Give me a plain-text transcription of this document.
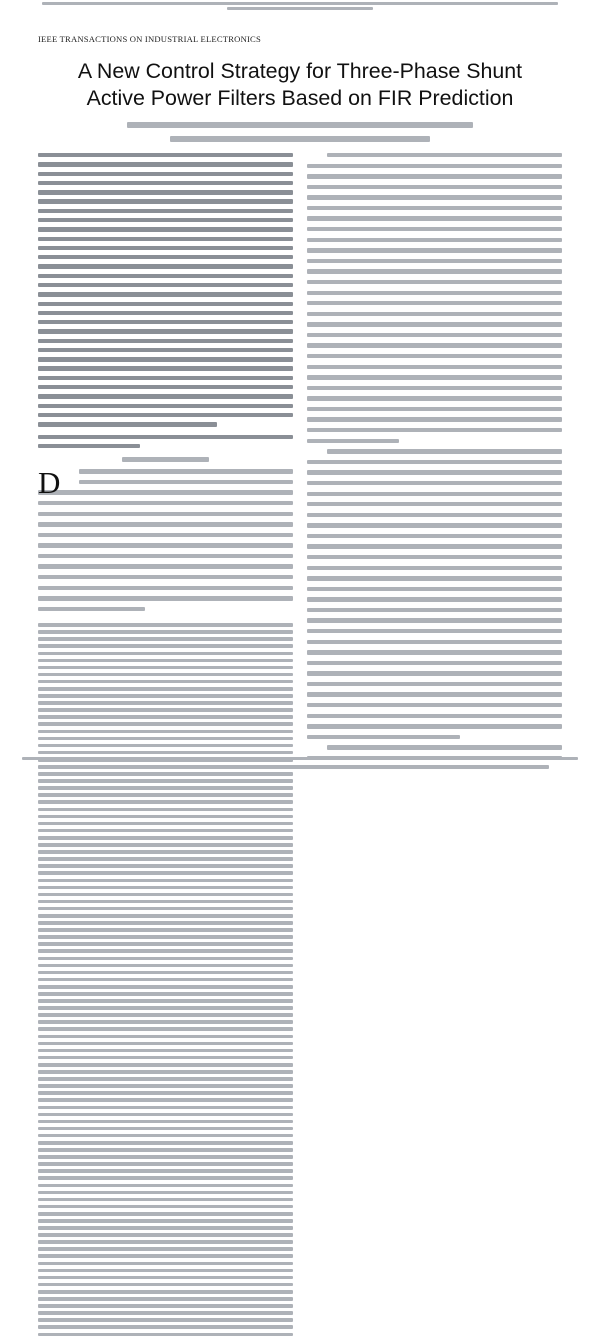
IEEE TRANSACTIONS ON INDUSTRIAL ELECTRONICS
A New Control Strategy for Three-Phase Shunt
Active Power Filters Based on FIR Prediction
D
